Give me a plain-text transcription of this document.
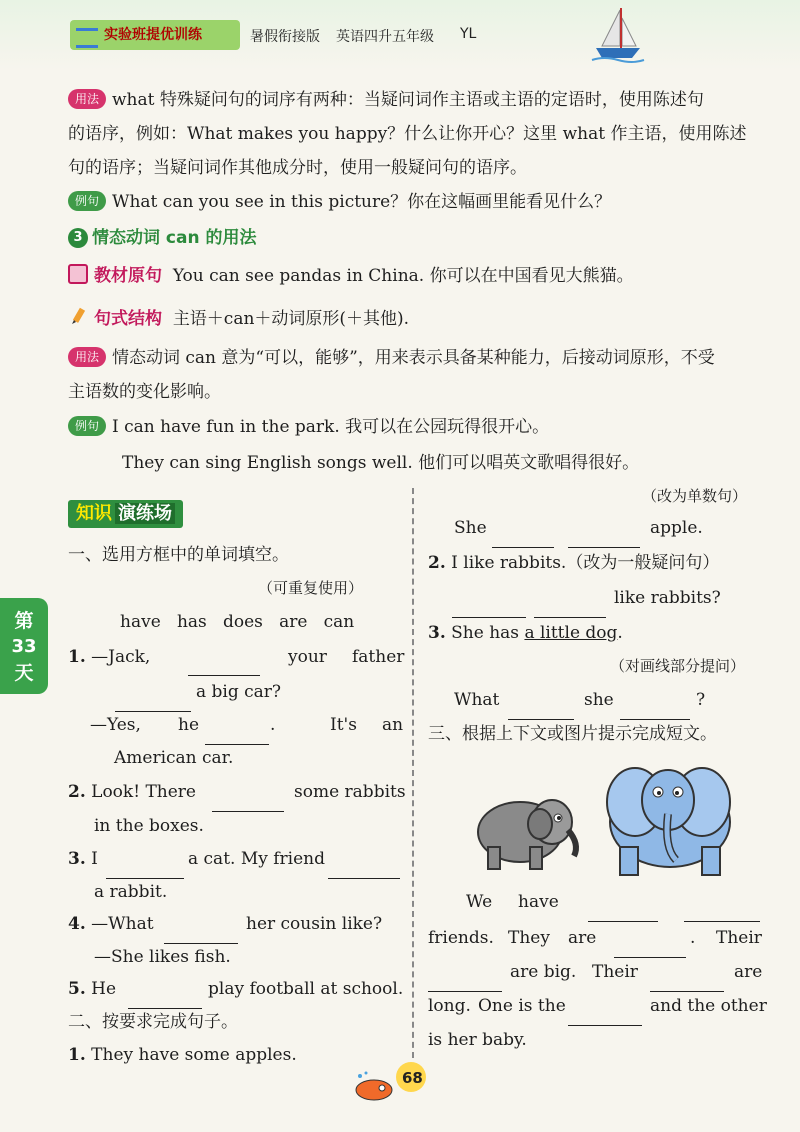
实验班提优训练	暑假衔接版 英语四升五年级 YL
用法 what 特殊疑问句的词序有两种：当疑问词作主语或主语的定语时，使用陈述句
的语序，例如：What makes you happy？什么让你开心？这里 what 作主语，使用陈述
句的语序；当疑问词作其他成分时，使用一般疑问句的语序。
例句 What can you see in this picture？你在这幅画里能看见什么？
3 情态动词 can 的用法
教材原句 You can see pandas in China. 你可以在中国看见大熊猫。
句式结构 主语＋can＋动词原形(＋其他).
用法 情态动词 can 意为“可以，能够”，用来表示具备某种能力，后接动词原形，不受
主语数的变化影响。
例句 I can have fun in the park. 我可以在公园玩得很开心。
They can sing English songs well. 他们可以唱英文歌唱得很好。
知识 演练场
一、选用方框中的单词填空。
（可重复使用）
have   has   does   are   can
1. —Jack,	your father
a big car?
—Yes, he	.	It's an
American car.
2. Look! There	some rabbits
in the boxes.
3. I	a cat. My friend
a rabbit.
4. —What	her cousin like?
—She likes fish.
5. He	play football at school.
二、按要求完成句子。
1. They have some apples.
（改为单数句）
She	apple.
2. I like rabbits.（改为一般疑问句）
like rabbits?
3. She has a little dog.
（对画线部分提问）
What	she	?
三、根据上下文或图片提示完成短文。
We have
friends. They are	. Their
are big. Their	are
long. One is the	and the other
is her baby.
第
33
天
68
